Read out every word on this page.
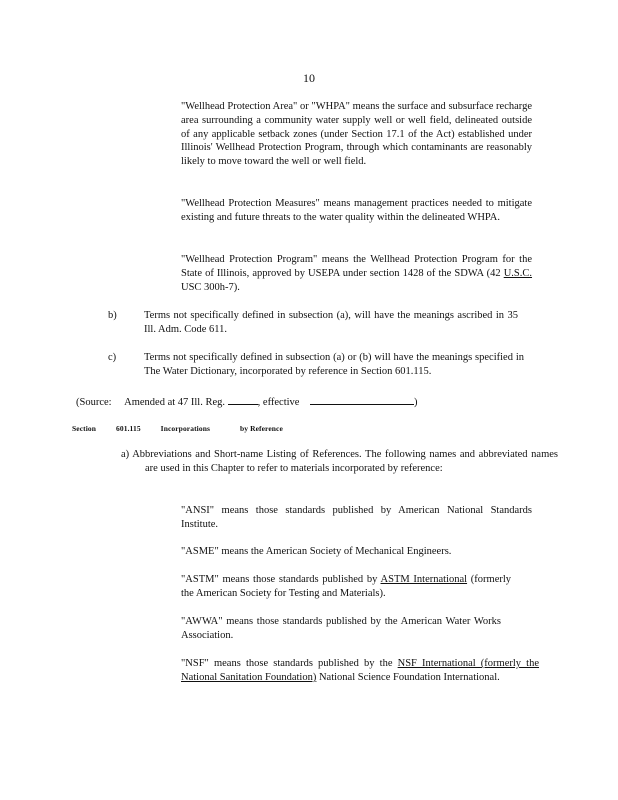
10
"Wellhead Protection Area" or "WHPA" means the surface and subsurface recharge area surrounding a community water supply well or well field, delineated outside of any applicable setback zones (under Section 17.1 of the Act) established under Illinois' Wellhead Protection Program, through which contaminants are reasonably likely to move toward the well or well field.
"Wellhead Protection Measures" means management practices needed to mitigate existing and future threats to the water quality within the delineated WHPA.
"Wellhead Protection Program" means the Wellhead Protection Program for the State of Illinois, approved by USEPA under section 1428 of the SDWA (42 U.S.C. USC 300h-7).
b)	Terms not specifically defined in subsection (a), will have the meanings ascribed in 35 Ill. Adm. Code 611.
c)	Terms not specifically defined in subsection (a) or (b) will have the meanings specified in The Water Dictionary, incorporated by reference in Section 601.115.
(Source: Amended at 47 Ill. Reg.	, effective	)
Section	601.115	Incorporations	by Reference
a) Abbreviations and Short-name Listing of References. The following names and abbreviated names are used in this Chapter to refer to materials incorporated by reference:
"ANSI" means those standards published by American National Standards Institute.
"ASME" means the American Society of Mechanical Engineers.
"ASTM" means those standards published by ASTM International (formerly the American Society for Testing and Materials).
"AWWA" means those standards published by the American Water Works Association.
"NSF" means those standards published by the NSF International (formerly the National Sanitation Foundation) National Science Foundation International.
